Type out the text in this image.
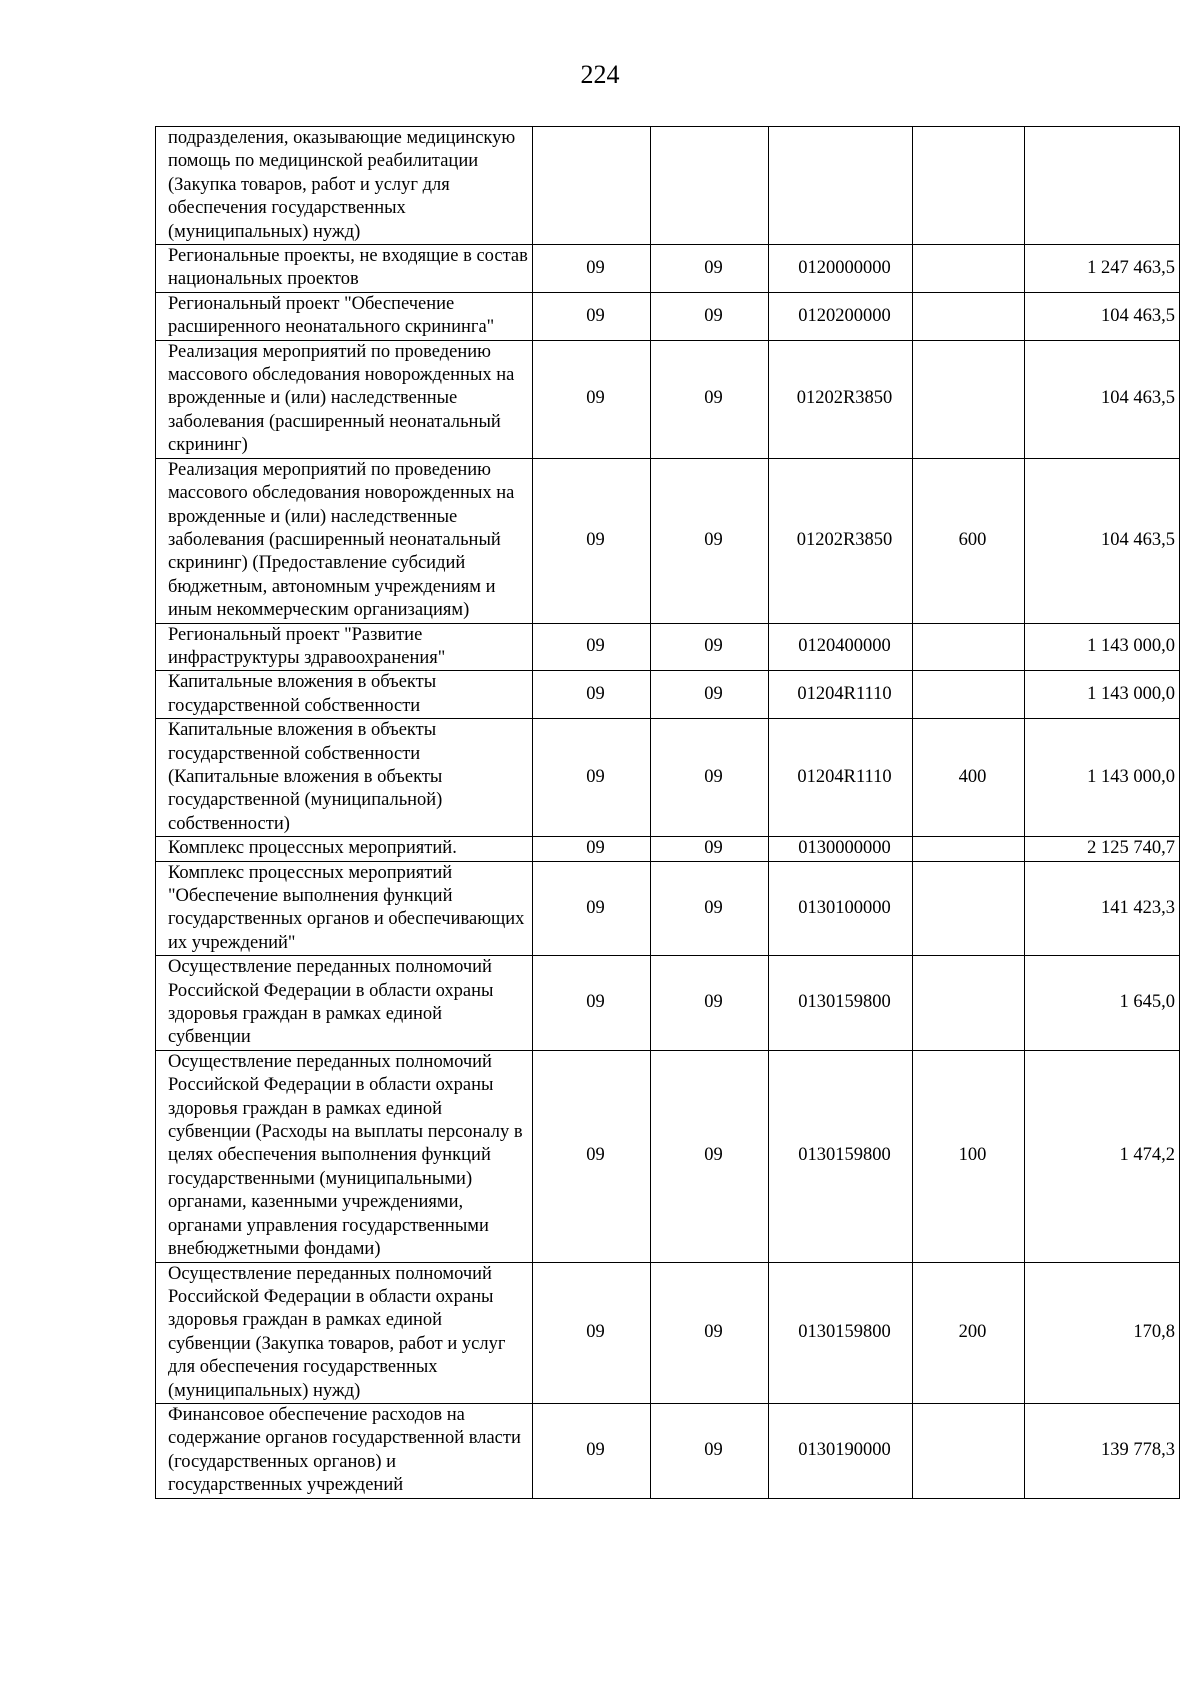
224
подразделения, оказывающие медицинскую помощь по медицинской реабилитации (Закупка товаров, работ и услуг для обеспечения государственных (муниципальных) нужд)					
Региональные проекты, не входящие в состав национальных проектов	09	09	0120000000		1 247 463,5
Региональный проект "Обеспечение расширенного неонатального скрининга"	09	09	0120200000		104 463,5
Реализация мероприятий по проведению массового обследования новорожденных на врожденные и (или) наследственные заболевания (расширенный неонатальный скрининг)	09	09	01202R3850		104 463,5
Реализация мероприятий по проведению массового обследования новорожденных на врожденные и (или) наследственные заболевания (расширенный неонатальный скрининг) (Предоставление субсидий бюджетным, автономным учреждениям и иным некоммерческим организациям)	09	09	01202R3850	600	104 463,5
Региональный проект "Развитие инфраструктуры здравоохранения"	09	09	0120400000		1 143 000,0
Капитальные вложения в объекты государственной собственности	09	09	01204R1110		1 143 000,0
Капитальные вложения в объекты государственной собственности (Капитальные вложения в объекты государственной (муниципальной) собственности)	09	09	01204R1110	400	1 143 000,0
Комплекс процессных мероприятий.	09	09	0130000000		2 125 740,7
Комплекс процессных мероприятий "Обеспечение выполнения функций государственных органов и обеспечивающих их учреждений"	09	09	0130100000		141 423,3
Осуществление переданных полномочий Российской Федерации в области охраны здоровья граждан в рамках единой субвенции	09	09	0130159800		1 645,0
Осуществление переданных полномочий Российской Федерации в области охраны здоровья граждан в рамках единой субвенции (Расходы на выплаты персоналу в целях обеспечения выполнения функций государственными (муниципальными) органами, казенными учреждениями, органами управления государственными внебюджетными фондами)	09	09	0130159800	100	1 474,2
Осуществление переданных полномочий Российской Федерации в области охраны здоровья граждан в рамках единой субвенции (Закупка товаров, работ и услуг для обеспечения государственных (муниципальных) нужд)	09	09	0130159800	200	170,8
Финансовое обеспечение расходов на содержание органов государственной власти (государственных органов) и государственных учреждений	09	09	0130190000		139 778,3
